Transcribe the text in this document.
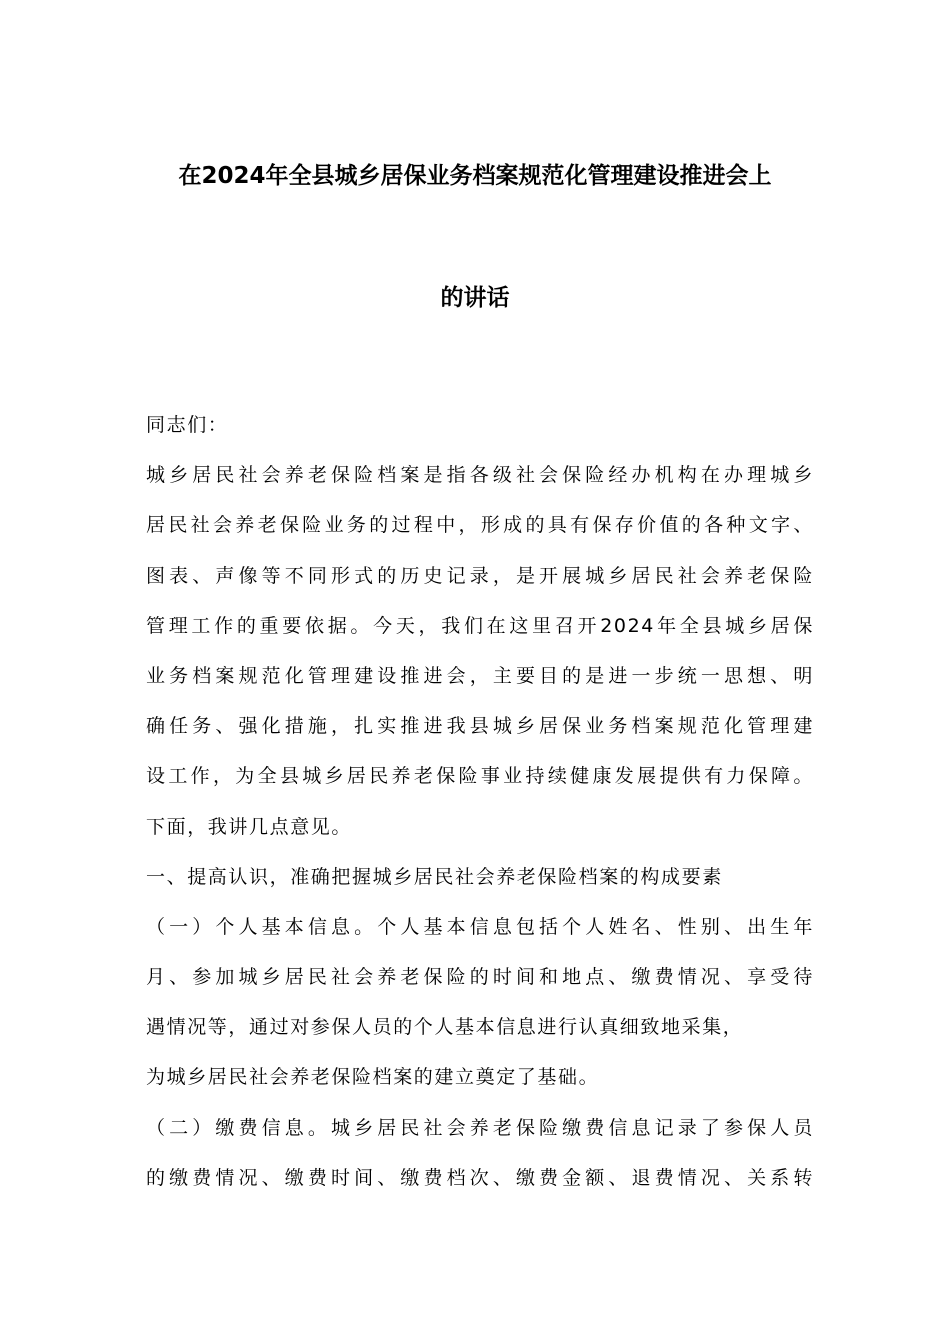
在2024年全县城乡居保业务档案规范化管理建设推进会上
的讲话
同志们：
城乡居民社会养老保险档案是指各级社会保险经办机构在办理城乡
居民社会养老保险业务的过程中，形成的具有保存价值的各种文字、
图表、声像等不同形式的历史记录，是开展城乡居民社会养老保险
管理工作的重要依据。今天，我们在这里召开2024年全县城乡居保
业务档案规范化管理建设推进会，主要目的是进一步统一思想、明
确任务、强化措施，扎实推进我县城乡居保业务档案规范化管理建
设工作，为全县城乡居民养老保险事业持续健康发展提供有力保障。
下面，我讲几点意见。
一、提高认识，准确把握城乡居民社会养老保险档案的构成要素
（一）个人基本信息。个人基本信息包括个人姓名、性别、出生年
月、参加城乡居民社会养老保险的时间和地点、缴费情况、享受待
遇情况等，通过对参保人员的个人基本信息进行认真细致地采集，
为城乡居民社会养老保险档案的建立奠定了基础。
（二）缴费信息。城乡居民社会养老保险缴费信息记录了参保人员
的缴费情况、缴费时间、缴费档次、缴费金额、退费情况、关系转
